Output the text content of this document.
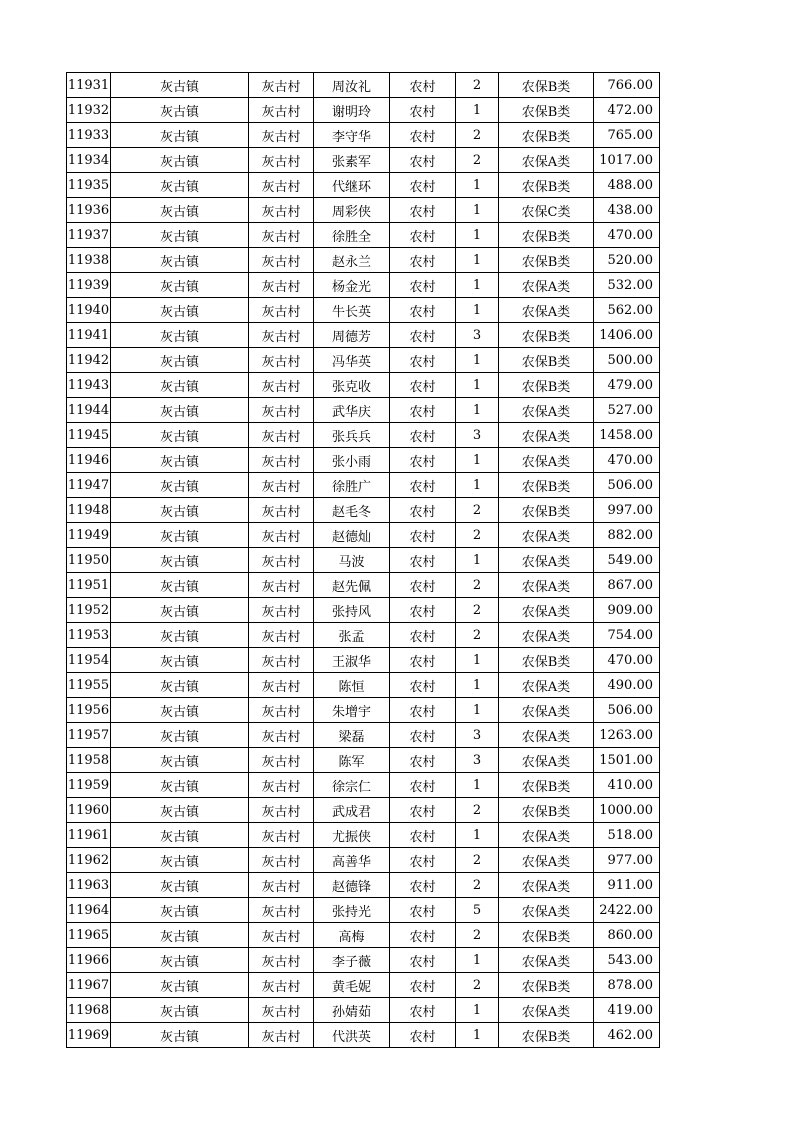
11931	灰古镇	灰古村	周汝礼	农村	2	农保B类	766.00
11932	灰古镇	灰古村	谢明玲	农村	1	农保B类	472.00
11933	灰古镇	灰古村	李守华	农村	2	农保B类	765.00
11934	灰古镇	灰古村	张素军	农村	2	农保A类	1017.00
11935	灰古镇	灰古村	代继环	农村	1	农保B类	488.00
11936	灰古镇	灰古村	周彩侠	农村	1	农保C类	438.00
11937	灰古镇	灰古村	徐胜全	农村	1	农保B类	470.00
11938	灰古镇	灰古村	赵永兰	农村	1	农保B类	520.00
11939	灰古镇	灰古村	杨金光	农村	1	农保A类	532.00
11940	灰古镇	灰古村	牛长英	农村	1	农保A类	562.00
11941	灰古镇	灰古村	周德芳	农村	3	农保B类	1406.00
11942	灰古镇	灰古村	冯华英	农村	1	农保B类	500.00
11943	灰古镇	灰古村	张克收	农村	1	农保B类	479.00
11944	灰古镇	灰古村	武华庆	农村	1	农保A类	527.00
11945	灰古镇	灰古村	张兵兵	农村	3	农保A类	1458.00
11946	灰古镇	灰古村	张小雨	农村	1	农保A类	470.00
11947	灰古镇	灰古村	徐胜广	农村	1	农保B类	506.00
11948	灰古镇	灰古村	赵毛冬	农村	2	农保B类	997.00
11949	灰古镇	灰古村	赵德灿	农村	2	农保A类	882.00
11950	灰古镇	灰古村	马波	农村	1	农保A类	549.00
11951	灰古镇	灰古村	赵先佩	农村	2	农保A类	867.00
11952	灰古镇	灰古村	张持风	农村	2	农保A类	909.00
11953	灰古镇	灰古村	张孟	农村	2	农保A类	754.00
11954	灰古镇	灰古村	王淑华	农村	1	农保B类	470.00
11955	灰古镇	灰古村	陈恒	农村	1	农保A类	490.00
11956	灰古镇	灰古村	朱增宇	农村	1	农保A类	506.00
11957	灰古镇	灰古村	梁磊	农村	3	农保A类	1263.00
11958	灰古镇	灰古村	陈军	农村	3	农保A类	1501.00
11959	灰古镇	灰古村	徐宗仁	农村	1	农保B类	410.00
11960	灰古镇	灰古村	武成君	农村	2	农保B类	1000.00
11961	灰古镇	灰古村	尤振侠	农村	1	农保A类	518.00
11962	灰古镇	灰古村	高善华	农村	2	农保A类	977.00
11963	灰古镇	灰古村	赵德锋	农村	2	农保A类	911.00
11964	灰古镇	灰古村	张持光	农村	5	农保A类	2422.00
11965	灰古镇	灰古村	高梅	农村	2	农保B类	860.00
11966	灰古镇	灰古村	李子薇	农村	1	农保A类	543.00
11967	灰古镇	灰古村	黄毛妮	农村	2	农保B类	878.00
11968	灰古镇	灰古村	孙婧茹	农村	1	农保A类	419.00
11969	灰古镇	灰古村	代洪英	农村	1	农保B类	462.00
